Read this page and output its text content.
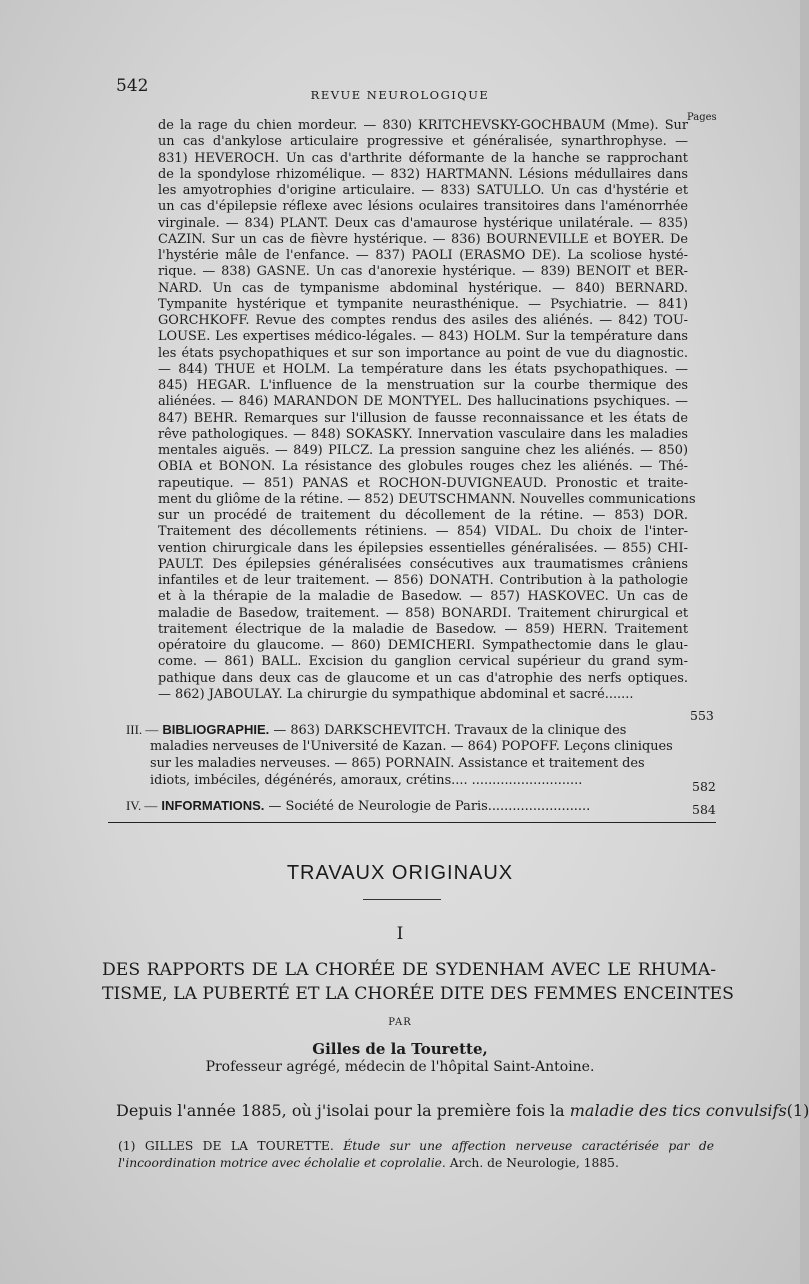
542	REVUE NEUROLOGIQUE
Pages
de la rage du chien mordeur. — 830) KRITCHEVSKY-GOCHBAUM (Mme). Sur
un cas d'ankylose articulaire progressive et généralisée, synarthrophyse. —
831) HEVEROCH. Un cas d'arthrite déformante de la hanche se rapprochant
de la spondylose rhizomélique. — 832) HARTMANN. Lésions médullaires dans
les amyotrophies d'origine articulaire. — 833) SATULLO. Un cas d'hystérie et
un cas d'épilepsie réflexe avec lésions oculaires transitoires dans l'aménorrhée
virginale. — 834) PLANT. Deux cas d'amaurose hystérique unilatérale. — 835)
CAZIN. Sur un cas de fièvre hystérique. — 836) BOURNEVILLE et BOYER. De
l'hystérie mâle de l'enfance. — 837) PAOLI (ERASMO DE). La scoliose hysté-
rique. — 838) GASNE. Un cas d'anorexie hystérique. — 839) BENOIT et BER-
NARD. Un cas de tympanisme abdominal hystérique. — 840) BERNARD.
Tympanite hystérique et tympanite neurasthénique. — Psychiatrie. — 841)
GORCHKOFF. Revue des comptes rendus des asiles des aliénés. — 842) TOU-
LOUSE. Les expertises médico-légales. — 843) HOLM. Sur la température dans
les états psychopathiques et sur son importance au point de vue du diagnostic.
— 844) THUE et HOLM. La température dans les états psychopathiques. —
845) HEGAR. L'influence de la menstruation sur la courbe thermique des
aliénées. — 846) MARANDON DE MONTYEL. Des hallucinations psychiques. —
847) BEHR. Remarques sur l'illusion de fausse reconnaissance et les états de
rêve pathologiques. — 848) SOKASKY. Innervation vasculaire dans les maladies
mentales aiguës. — 849) PILCZ. La pression sanguine chez les aliénés. — 850)
OBIA et BONON. La résistance des globules rouges chez les aliénés. — Thé-
rapeutique. — 851) PANAS et ROCHON-DUVIGNEAUD. Pronostic et traite-
ment du gliôme de la rétine. — 852) DEUTSCHMANN. Nouvelles communications
sur un procédé de traitement du décollement de la rétine. — 853) DOR.
Traitement des décollements rétiniens. — 854) VIDAL. Du choix de l'inter-
vention chirurgicale dans les épilepsies essentielles généralisées. — 855) CHI-
PAULT. Des épilepsies généralisées consécutives aux traumatismes crâniens
infantiles et de leur traitement. — 856) DONATH. Contribution à la pathologie
et à la thérapie de la maladie de Basedow. — 857) HASKOVEC. Un cas de
maladie de Basedow, traitement. — 858) BONARDI. Traitement chirurgical et
traitement électrique de la maladie de Basedow. — 859) HERN. Traitement
opératoire du glaucome. — 860) DEMICHERI. Sympathectomie dans le glau-
come. — 861) BALL. Excision du ganglion cervical supérieur du grand sym-
pathique dans deux cas de glaucome et un cas d'atrophie des nerfs optiques.
— 862) JABOULAY. La chirurgie du sympathique abdominal et sacré.......
553
III. — BIBLIOGRAPHIE. — 863) DARKSCHEVITCH. Travaux de la clinique des
maladies nerveuses de l'Université de Kazan. — 864) POPOFF. Leçons cliniques
sur les maladies nerveuses. — 865) PORNAIN. Assistance et traitement des
idiots, imbéciles, dégénérés, amoraux, crétins.... ...........................	582
IV. — INFORMATIONS. — Société de Neurologie de Paris.........................	584
TRAVAUX ORIGINAUX
I
DES RAPPORTS DE LA CHORÉE DE SYDENHAM AVEC LE RHUMA-
TISME, LA PUBERTÉ ET LA CHORÉE DITE DES FEMMES ENCEINTES
PAR
Gilles de la Tourette,
Professeur agrégé, médecin de l'hôpital Saint-Antoine.
Depuis l'année 1885, où j'isolai pour la première fois la maladie des tics convulsifs(1)
(1) GILLES DE LA TOURETTE. Étude sur une affection nerveuse caractérisée par de
l'incoordination motrice avec écholalie et coprolalie. Arch. de Neurologie, 1885.
